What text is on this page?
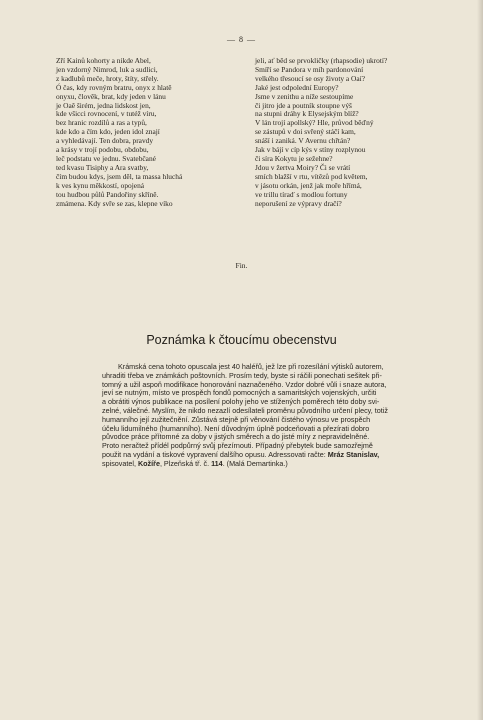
— 8 —
Zří Kainů kohorty a nikde Abel,
jen vzdorný Nimrod, luk a sudlici,
z kadlubů meče, hroty, štíty, střely.
Ó čas, kdy rovným bratru, onyx z hlatě
onyxu, člověk, brat, kdy jeden v lánu
je Oaě širém, jedna lidskost jen,
kde všicci rovnocení, v tutéž víru,
bez hranic rozdílů a ras a typů,
kde kdo a čím kdo, jeden idol znají
a vyhledávají. Ten dobra, pravdy
a krásy v trojí podobu, obdobu,
leč podstatu ve jednu. Svatebčané
ted kvasu Tisiphy a Ara svatby,
čím budou kdys, jsem děl, ta massa hluchá
k ves kynu měkkostí, opojená
tou hudbou půlů Pandořiny skříně.
zmámena. Kdy svře se zas, klepne víko
jeli, ať běd se prvokličky (rhapsodie) ukrotí?
Smíří se Pandora v míh pardonování
velkého třesoucí se osy životy a Oaí?
Jaké jest odpolední Europy?
Jsme v zenithu a níže sestoupíme
či jitro jde a poutník stoupne výš
na stupni dráhy k Elysejským blíž?
V lán trojí apollský? Hle, průvod běďný
se zástupů v doi svřený stáčí kam,
snáší i zaniká. V Avernu chřtán?
Jak v bájí v cíp kýs v stíny rozplynou
či síra Kokytu je sežehne?
Jdou v žertva Moiry? Či se vrátí
smích blažší v rtu, vítězů pod květem,
v jásotu orkán, jenž jak moře hřímá,
ve trillu tíraď s modlou fortuny
neporušení ze výpravy dračí?
Fin.
Poznámka k čtoucímu obecenstvu
Krámská cena tohoto opuscala jest 40 haléřů, jež lze při rozesílání výtisků autorem,
uhraditi třeba ve známkách poštovních. Prosím tedy, byste si ráčili ponechati sešitek při-
tomný a užil aspoň modifikace honorování naznačeného. Vzdor dobré vůli i snaze autora,
jeví se nutným, místo ve prospěch fondů pomocných a samaritských vojenských, určiti
a obrátiti výnos publikace na posílení polohy jeho ve stížených poměrech této doby svi-
zelné, válečné. Myslím, že nikdo nezazlí odesílateli proměnu původního určení plecy, totiž
humanního její zužitečnění. Zůstává stejně při věnování čistého výnosu ve prospěch
účelu lidumilného (humanního). Není důvodným úplně podceňovati a přezírati dobro
původce práce přítomné za doby v jistých směrech a do jisté míry z nepravidelněné.
Proto neračtež přídél podpůrný svůj přezírnouti. Případný přebytek bude samozřejmě
použit na vydání a tiskové vypravení dalšího opusu. Adressovati račte: Mráz Stanislav,
spisovatel, Kožíře, Plzeňská tř. č. 114. (Malá Demartinka.)
